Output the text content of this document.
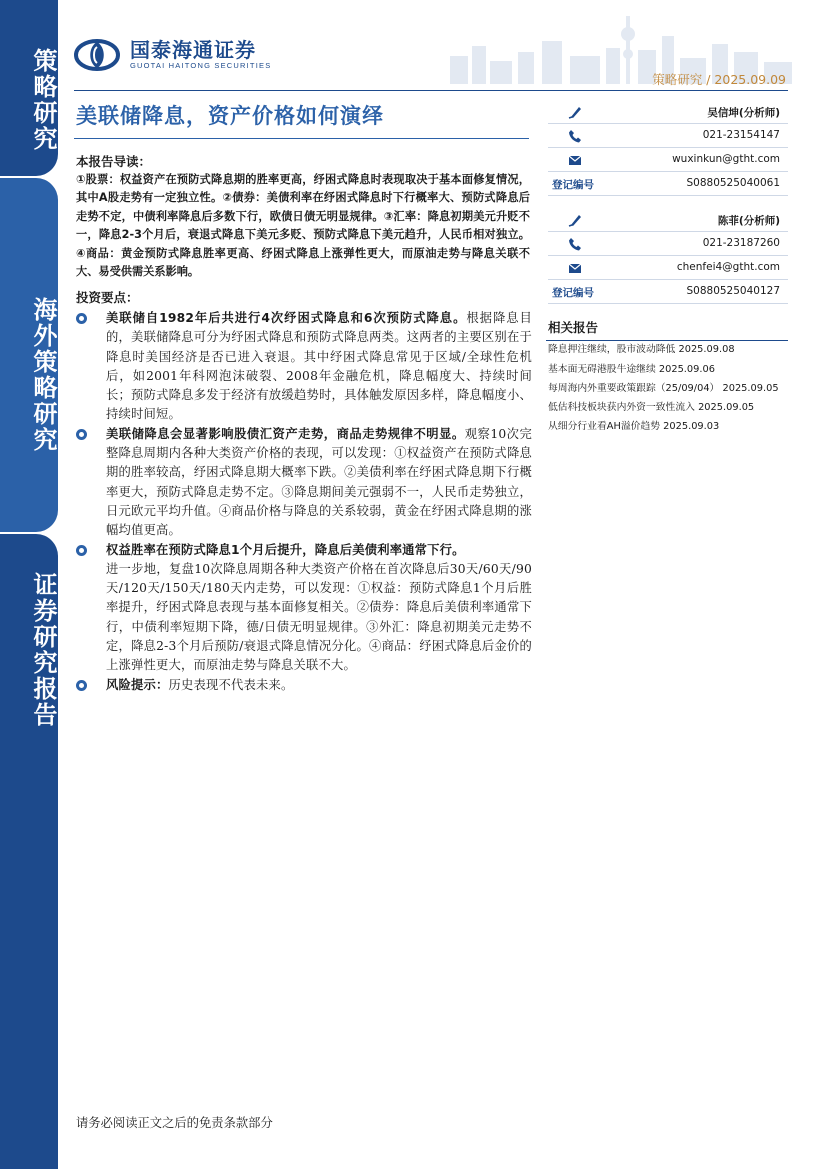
策略研究
海外策略研究
证券研究报告
国泰海通证券
GUOTAI HAITONG SECURITIES
策略研究 / 2025.09.09
美联储降息，资产价格如何演绎
本报告导读：
①股票：权益资产在预防式降息期的胜率更高，纾困式降息时表现取决于基本面修复情况，其中A股走势有一定独立性。②债券：美债利率在纾困式降息时下行概率大、预防式降息后走势不定，中债利率降息后多数下行，欧债日债无明显规律。③汇率：降息初期美元升贬不一，降息2-3个月后，衰退式降息下美元多贬、预防式降息下美元趋升，人民币相对独立。④商品：黄金预防式降息胜率更高、纾困式降息上涨弹性更大，而原油走势与降息关联不大、易受供需关系影响。
投资要点：
美联储自1982年后共进行4次纾困式降息和6次预防式降息。根据降息目的，美联储降息可分为纾困式降息和预防式降息两类。这两者的主要区别在于降息时美国经济是否已进入衰退。其中纾困式降息常见于区域/全球性危机后，如2001年科网泡沫破裂、2008年金融危机，降息幅度大、持续时间长；预防式降息多发于经济有放缓趋势时，具体触发原因多样，降息幅度小、持续时间短。
美联储降息会显著影响股债汇资产走势，商品走势规律不明显。观察10次完整降息周期内各种大类资产价格的表现，可以发现：①权益资产在预防式降息期的胜率较高，纾困式降息期大概率下跌。②美债利率在纾困式降息期下行概率更大，预防式降息走势不定。③降息期间美元强弱不一，人民币走势独立，日元欧元平均升值。④商品价格与降息的关系较弱，黄金在纾困式降息期的涨幅均值更高。
权益胜率在预防式降息1个月后提升，降息后美债利率通常下行。
进一步地，复盘10次降息周期各种大类资产价格在首次降息后30天/60天/90天/120天/150天/180天内走势，可以发现：①权益：预防式降息1个月后胜率提升，纾困式降息表现与基本面修复相关。②债券：降息后美债利率通常下行，中债利率短期下降，德/日债无明显规律。③外汇：降息初期美元走势不定，降息2-3个月后预防/衰退式降息情况分化。④商品：纾困式降息后金价的上涨弹性更大，而原油走势与降息关联不大。
风险提示：历史表现不代表未来。
吴信坤(分析师)
021-23154147
wuxinkun@gtht.com
登记编号	S0880525040061
陈菲(分析师)
021-23187260
chenfei4@gtht.com
登记编号	S0880525040127
相关报告
降息押注继续，股市波动降低 2025.09.08
基本面无碍港股牛途继续 2025.09.06
每周海内外重要政策跟踪（25/09/04） 2025.09.05
低估科技板块获内外资一致性流入 2025.09.05
从细分行业看AH溢价趋势 2025.09.03
请务必阅读正文之后的免责条款部分
